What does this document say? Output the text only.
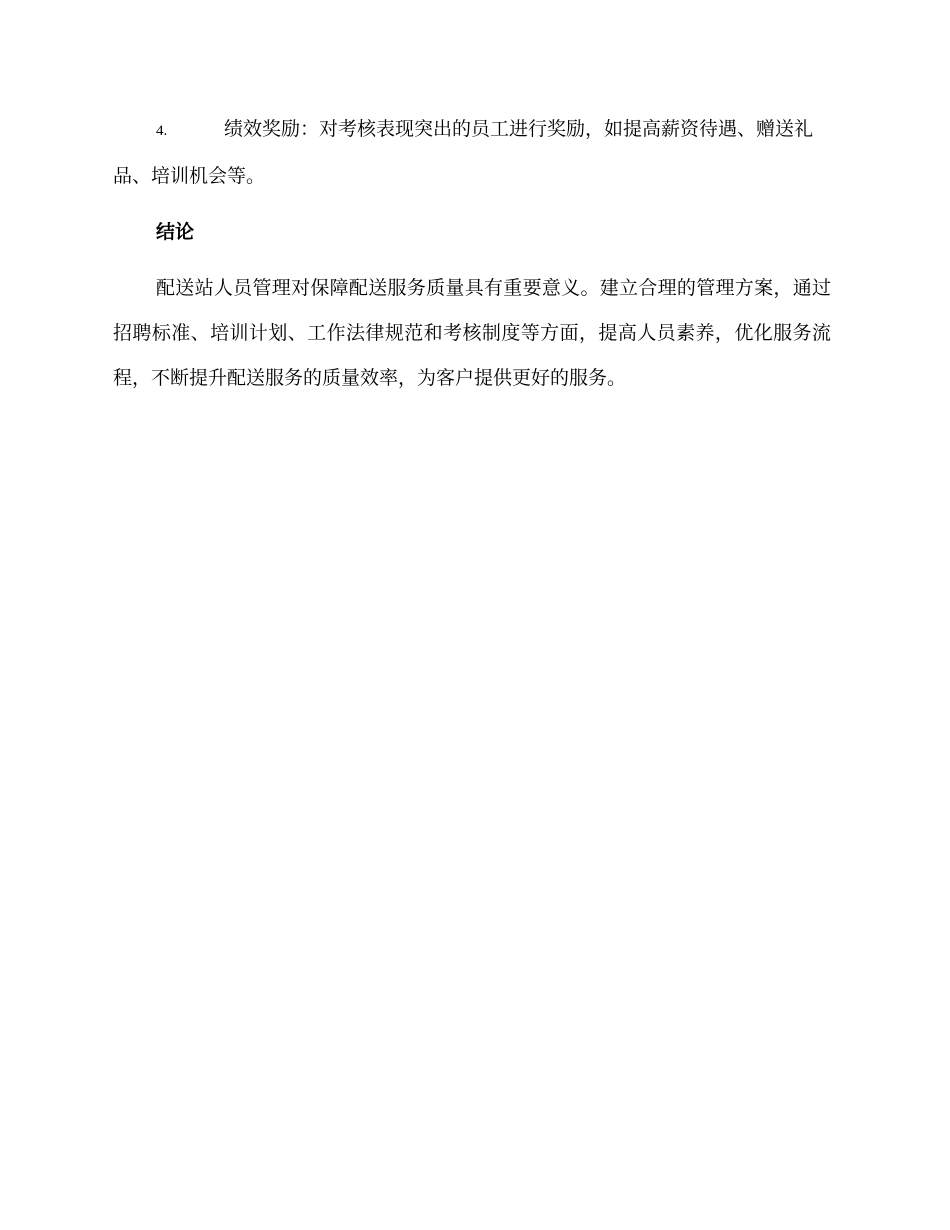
4.	绩效奖励：对考核表现突出的员工进行奖励，如提高薪资待遇、赠送礼品、培训机会等。

结论

配送站人员管理对保障配送服务质量具有重要意义。建立合理的管理方案，通过招聘标准、培训计划、工作法律规范和考核制度等方面，提高人员素养，优化服务流程，不断提升配送服务的质量效率，为客户提供更好的服务。
